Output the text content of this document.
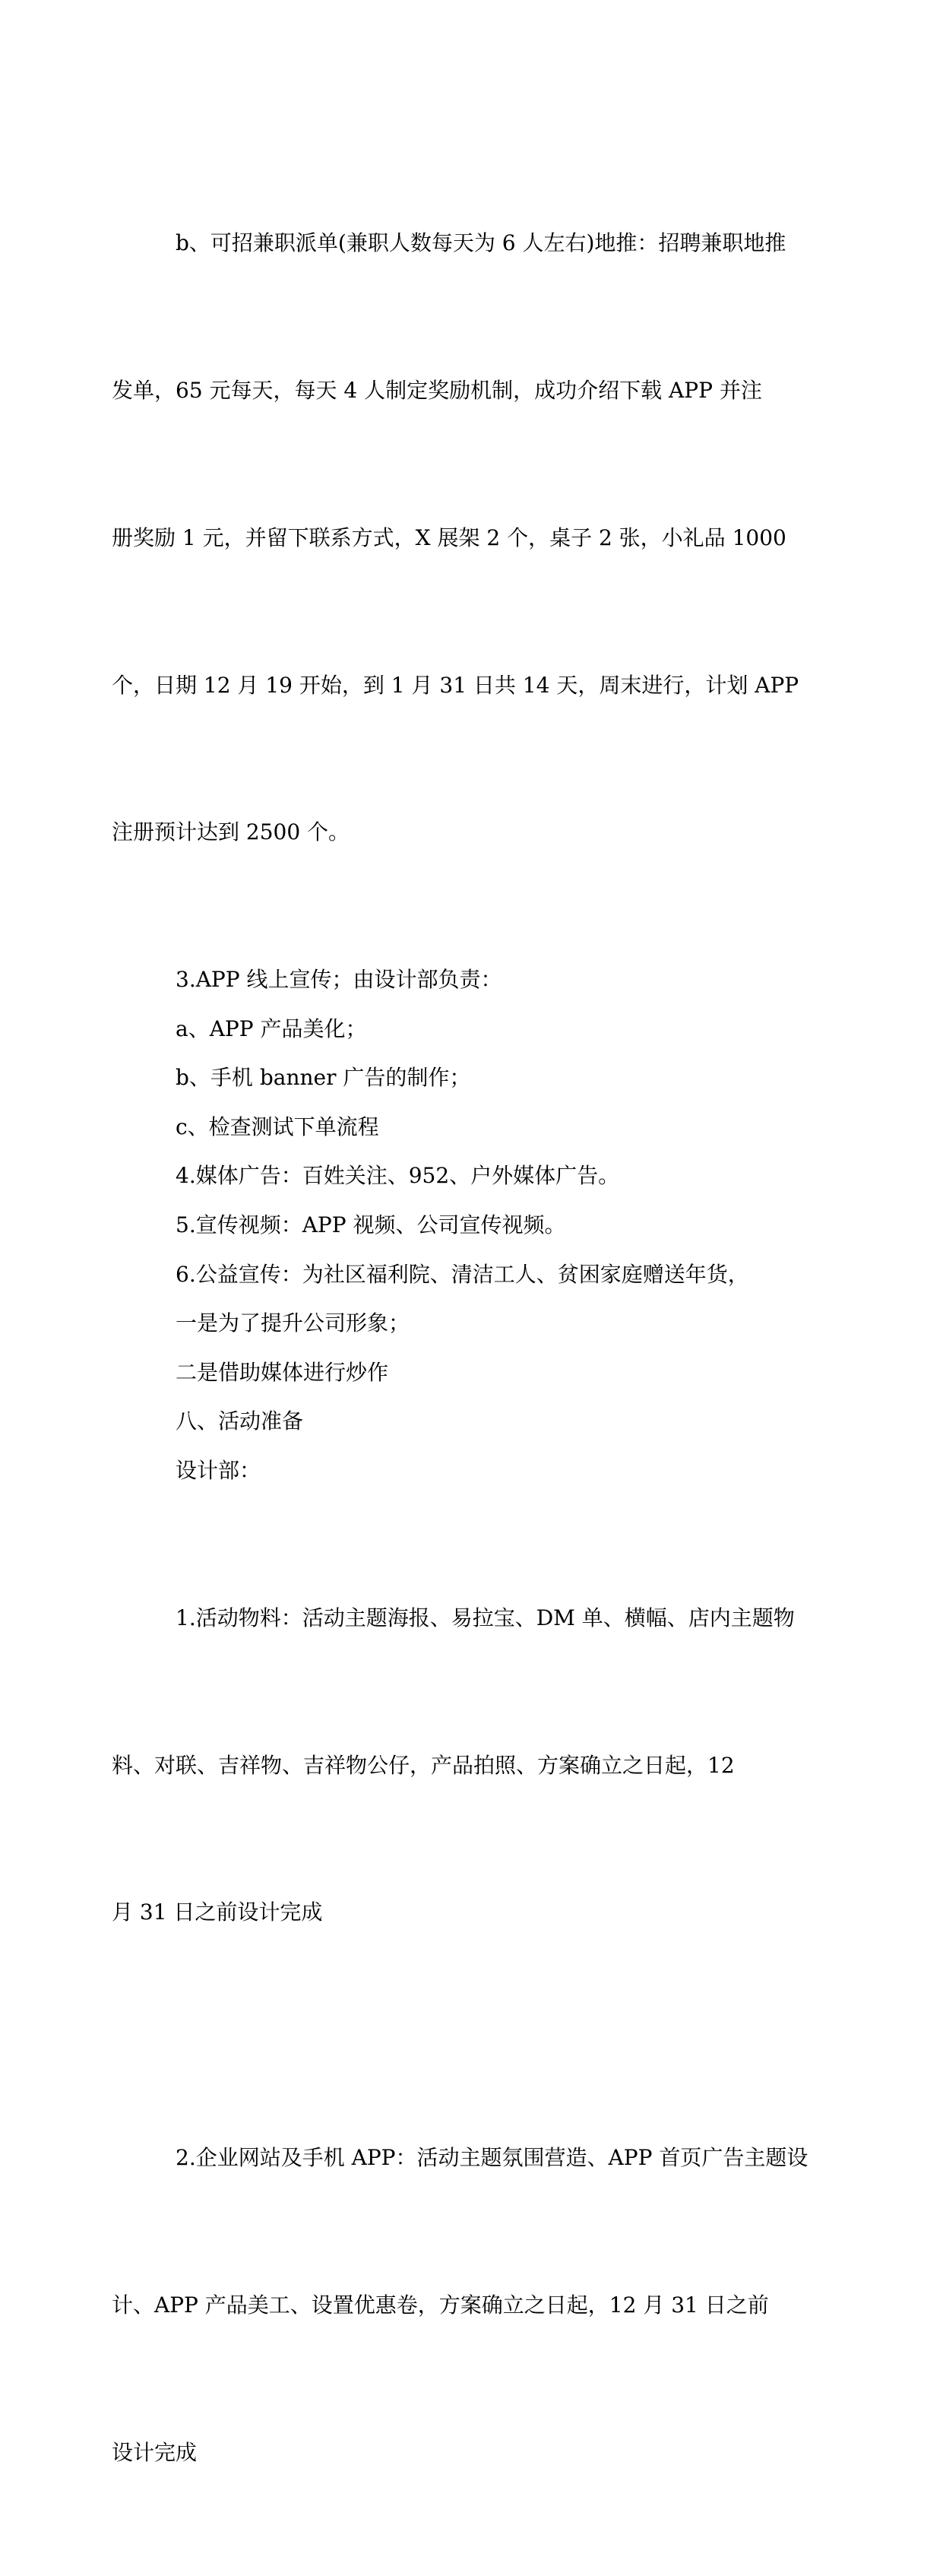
b、可招兼职派单(兼职人数每天为 6 人左右)地推：招聘兼职地推

发单，65 元每天，每天 4 人制定奖励机制，成功介绍下载 APP 并注

册奖励 1 元，并留下联系方式，X 展架 2 个，桌子 2 张，小礼品 1000

个，日期 12 月 19 开始，到 1 月 31 日共 14 天，周末进行，计划 APP

注册预计达到 2500 个。

3.APP 线上宣传；由设计部负责：
a、APP 产品美化；
b、手机 banner 广告的制作；
c、检查测试下单流程
4.媒体广告：百姓关注、952、户外媒体广告。
5.宣传视频：APP 视频、公司宣传视频。
6.公益宣传：为社区福利院、清洁工人、贫困家庭赠送年货，
一是为了提升公司形象；
二是借助媒体进行炒作
八、活动准备
设计部：

1.活动物料：活动主题海报、易拉宝、DM 单、横幅、店内主题物

料、对联、吉祥物、吉祥物公仔，产品拍照、方案确立之日起，12

月 31 日之前设计完成

2.企业网站及手机 APP：活动主题氛围营造、APP 首页广告主题设

计、APP 产品美工、设置优惠卷，方案确立之日起，12 月 31 日之前

设计完成
